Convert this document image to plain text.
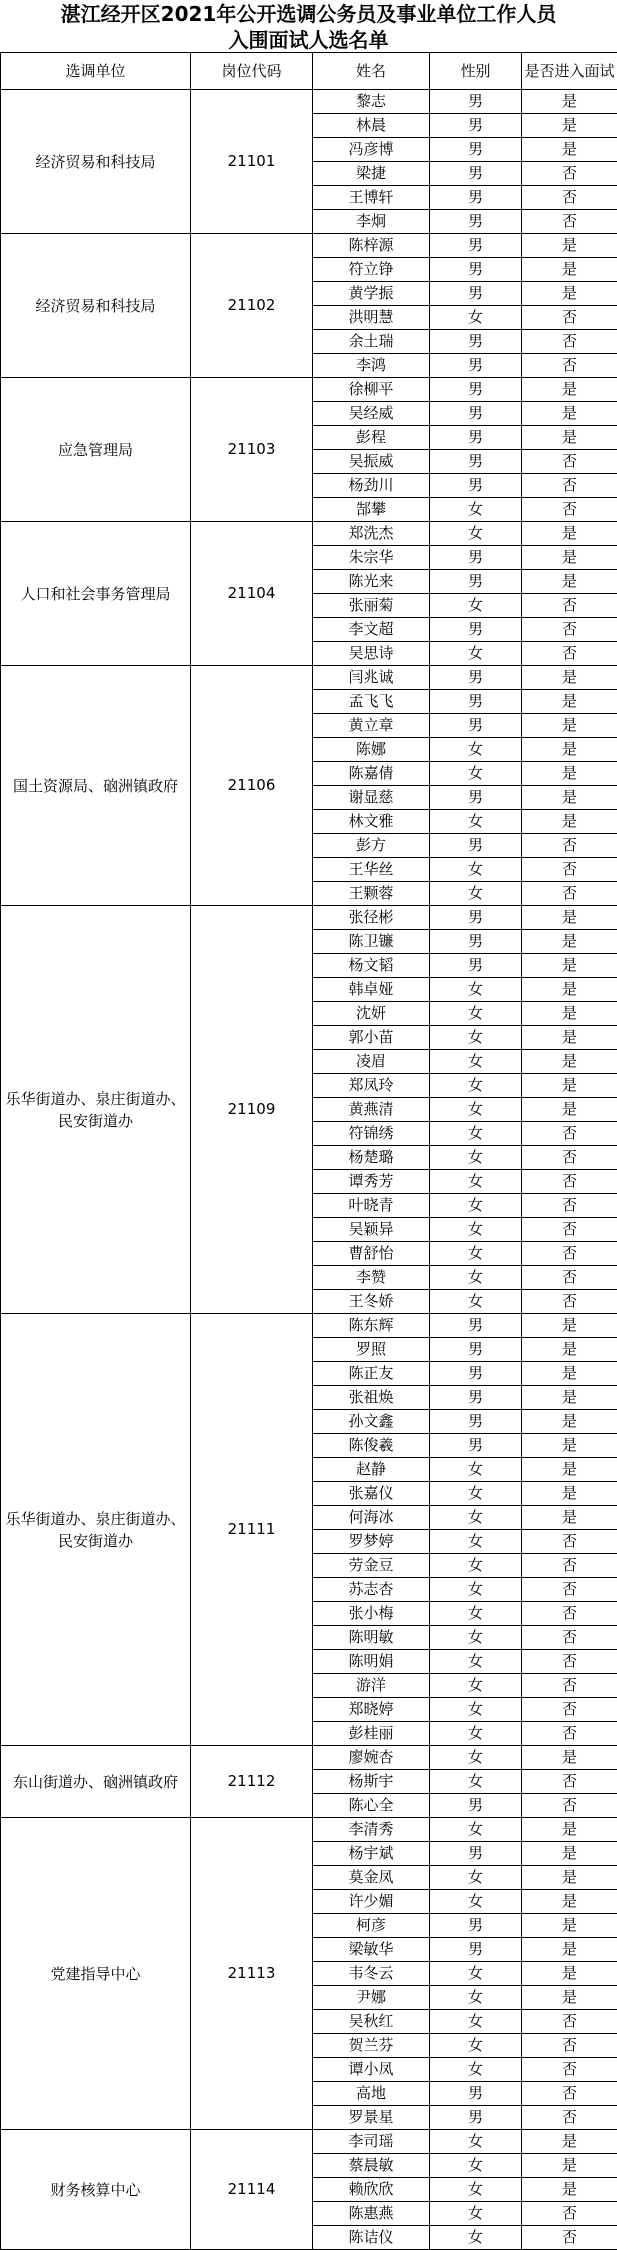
湛江经开区2021年公开选调公务员及事业单位工作人员
入围面试人选名单
选调单位	岗位代码	姓名	性别	是否进入面试
经济贸易和科技局	21101	黎志	男	是
		林晨	男	是
		冯彦博	男	是
		梁捷	男	否
		王博轩	男	否
		李炯	男	否
经济贸易和科技局	21102	陈梓源	男	是
		符立铮	男	是
		黄学振	男	是
		洪明慧	女	否
		余土瑞	男	否
		李鸿	男	否
应急管理局	21103	徐柳平	男	是
		吴经威	男	是
		彭程	男	是
		吴振威	男	否
		杨劲川	男	否
		郜攀	女	否
人口和社会事务管理局	21104	郑洗杰	女	是
		朱宗华	男	是
		陈光来	男	是
		张丽菊	女	否
		李文超	男	否
		吴思诗	女	否
国土资源局、硇洲镇政府	21106	闫兆诚	男	是
		孟飞飞	男	是
		黄立章	男	是
		陈娜	女	是
		陈嘉倩	女	是
		谢显慈	男	是
		林文雅	女	是
		彭方	男	否
		王华丝	女	否
		王颗蓉	女	否
乐华街道办、泉庄街道办、民安街道办	21109	张径彬	男	是
		陈卫镰	男	是
		杨文韬	男	是
		韩卓娅	女	是
		沈妍	女	是
		郭小苗	女	是
		凌眉	女	是
		郑凤玲	女	是
		黄燕清	女	是
		符锦绣	女	否
		杨楚璐	女	否
		谭秀芳	女	否
		叶晓青	女	否
		吴颖异	女	否
		曹舒怡	女	否
		李赞	女	否
		王冬娇	女	否
乐华街道办、泉庄街道办、民安街道办	21111	陈东辉	男	是
		罗照	男	是
		陈正友	男	是
		张祖焕	男	是
		孙文鑫	男	是
		陈俊羲	男	是
		赵静	女	是
		张嘉仪	女	是
		何海冰	女	是
		罗梦婷	女	否
		劳金豆	女	否
		苏志杏	女	否
		张小梅	女	否
		陈明敏	女	否
		陈明娟	女	否
		游洋	女	否
		郑晓婷	女	否
		彭桂丽	女	否
东山街道办、硇洲镇政府	21112	廖婉杏	女	是
		杨斯宇	女	否
		陈心全	男	否
党建指导中心	21113	李清秀	女	是
		杨宇斌	男	是
		莫金凤	女	是
		许少媚	女	是
		柯彦	男	是
		梁敏华	男	是
		韦冬云	女	是
		尹娜	女	是
		吴秋红	女	否
		贺兰芬	女	否
		谭小凤	女	否
		高地	男	否
		罗景星	男	否
财务核算中心	21114	李司瑶	女	是
		蔡晨敏	女	是
		赖欣欣	女	是
		陈惠燕	女	否
		陈诘仪	女	否
